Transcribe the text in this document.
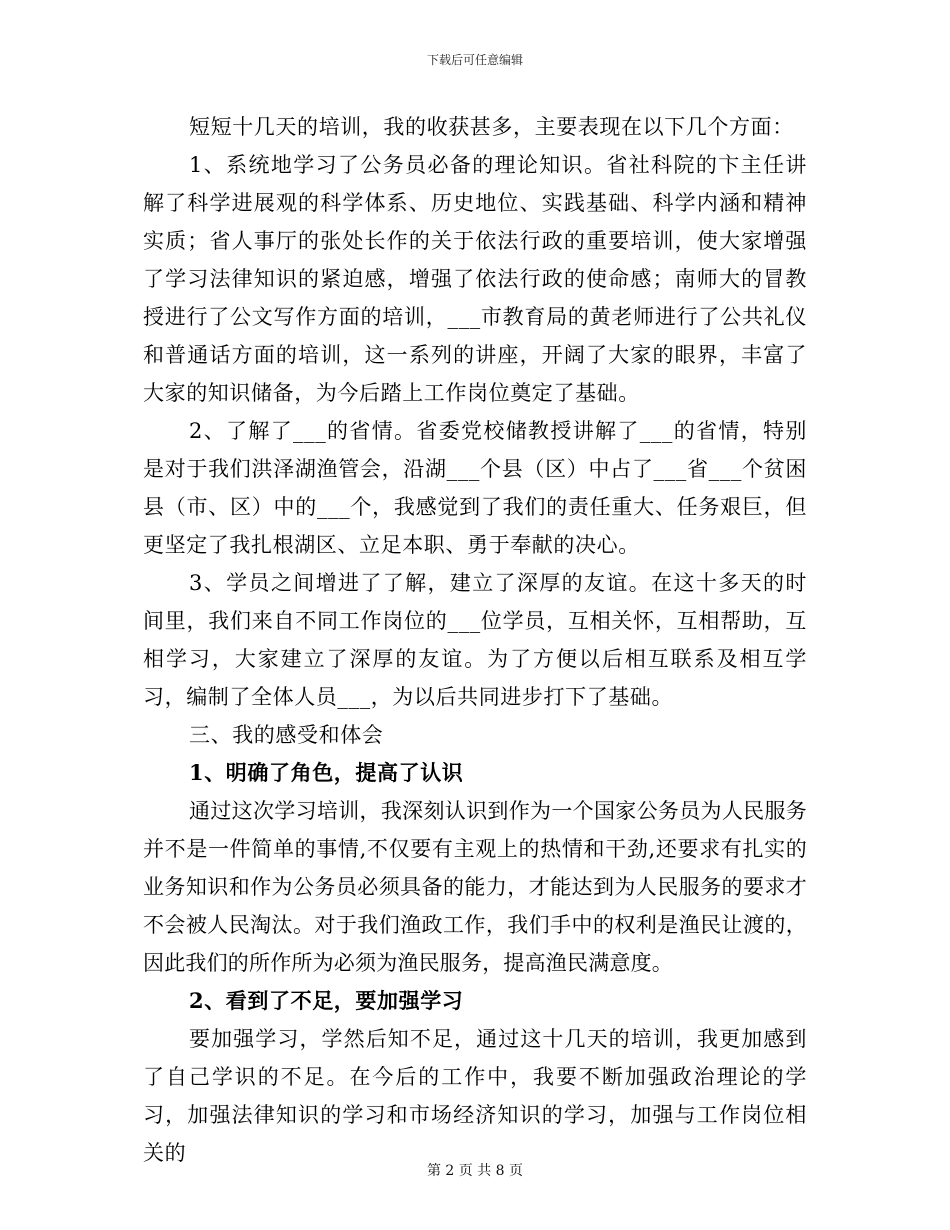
下载后可任意编辑

短短十几天的培训，我的收获甚多，主要表现在以下几个方面：

1、系统地学习了公务员必备的理论知识。省社科院的卞主任讲解了科学进展观的科学体系、历史地位、实践基础、科学内涵和精神实质；省人事厅的张处长作的关于依法行政的重要培训，使大家增强了学习法律知识的紧迫感，增强了依法行政的使命感；南师大的冒教授进行了公文写作方面的培训，___市教育局的黄老师进行了公共礼仪和普通话方面的培训，这一系列的讲座，开阔了大家的眼界，丰富了大家的知识储备，为今后踏上工作岗位奠定了基础。

2、了解了___的省情。省委党校储教授讲解了___的省情，特别是对于我们洪泽湖渔管会，沿湖___个县（区）中占了___省___个贫困县（市、区）中的___个，我感觉到了我们的责任重大、任务艰巨，但更坚定了我扎根湖区、立足本职、勇于奉献的决心。

3、学员之间增进了了解，建立了深厚的友谊。在这十多天的时间里，我们来自不同工作岗位的___位学员，互相关怀，互相帮助，互相学习，大家建立了深厚的友谊。为了方便以后相互联系及相互学习，编制了全体人员___，为以后共同进步打下了基础。

三、我的感受和体会

1、明确了角色，提高了认识

通过这次学习培训，我深刻认识到作为一个国家公务员为人民服务并不是一件简单的事情,不仅要有主观上的热情和干劲,还要求有扎实的业务知识和作为公务员必须具备的能力，才能达到为人民服务的要求才不会被人民淘汰。对于我们渔政工作，我们手中的权利是渔民让渡的，因此我们的所作所为必须为渔民服务，提高渔民满意度。

2、看到了不足，要加强学习

要加强学习，学然后知不足，通过这十几天的培训，我更加感到了自己学识的不足。在今后的工作中，我要不断加强政治理论的学习，加强法律知识的学习和市场经济知识的学习，加强与工作岗位相关的

第 2 页 共 8 页
